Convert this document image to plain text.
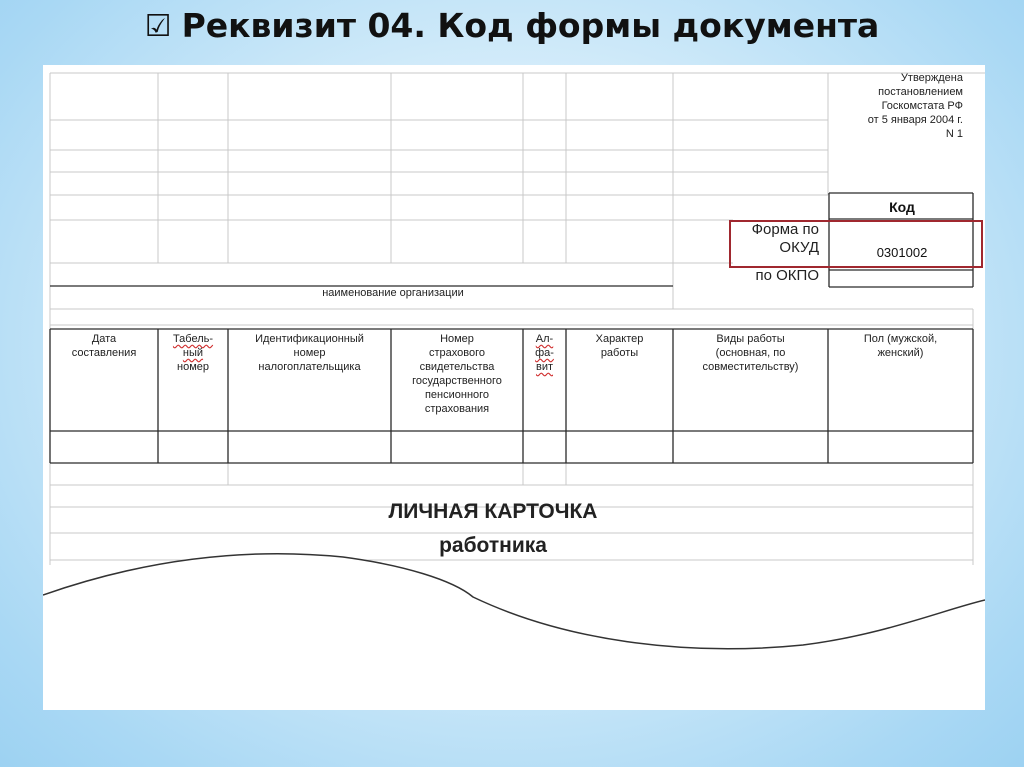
☑ Реквизит 04. Код формы документа
Утверждена
постановлением
Госкомстата РФ
от 5 января 2004 г.
N 1
Код
Форма по
ОКУД	0301002
по ОКПО
наименование организации
Дата
составления
Табель-
ный
номер
Идентификационный
номер
налогоплательщика
Номер
страхового
свидетельства
государственного
пенсионного
страхования
Ал-
фа-
вит
Характер
работы
Виды работы
(основная, по
совместительству)
Пол (мужской,
женский)
ЛИЧНАЯ КАРТОЧКА
работника
